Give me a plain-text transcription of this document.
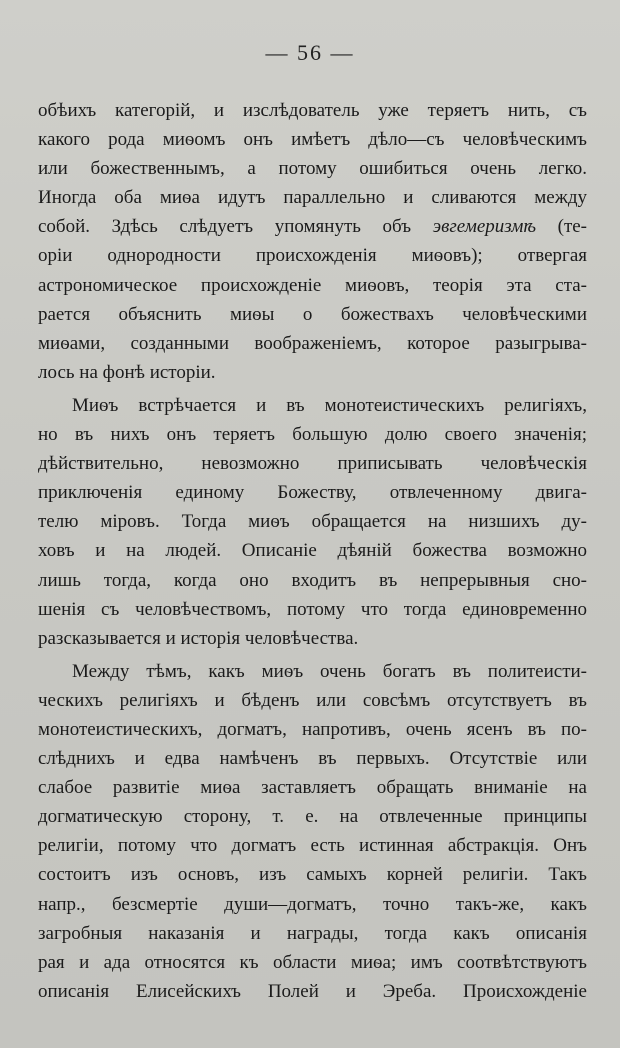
— 56 —
обѣихъ категорій, и изслѣдователь уже теряетъ нить, съ
какого рода миѳомъ онъ имѣетъ дѣло—съ человѣческимъ
или божественнымъ, а потому ошибиться очень легко.
Иногда оба миѳа идутъ параллельно и сливаются между
собой. Здѣсь слѣдуетъ упомянуть объ эвгемеризмѣ (те-
оріи однородности происхожденія миѳовъ); отвергая
астрономическое происхожденіе миѳовъ, теорія эта ста-
рается объяснить миѳы о божествахъ человѣческими
миѳами, созданными воображеніемъ, которое разыгрыва-
лось на фонѣ исторіи.
Миѳъ встрѣчается и въ монотеистическихъ религіяхъ,
но въ нихъ онъ теряетъ большую долю своего значенія;
дѣйствительно, невозможно приписывать человѣческія
приключенія единому Божеству, отвлеченному двига-
телю міровъ. Тогда миѳъ обращается на низшихъ ду-
ховъ и на людей. Описаніе дѣяній божества возможно
лишь тогда, когда оно входитъ въ непрерывныя сно-
шенія съ человѣчествомъ, потому что тогда единовременно
разсказывается и исторія человѣчества.
Между тѣмъ, какъ миѳъ очень богатъ въ политеисти-
ческихъ религіяхъ и бѣденъ или совсѣмъ отсутствуетъ въ
монотеистическихъ, догматъ, напротивъ, очень ясенъ въ по-
слѣднихъ и едва намѣченъ въ первыхъ. Отсутствіе или
слабое развитіе миѳа заставляетъ обращать вниманіе на
догматическую сторону, т. е. на отвлеченные принципы
религіи, потому что догматъ есть истинная абстракція. Онъ
состоитъ изъ основъ, изъ самыхъ корней религіи. Такъ
напр., безсмертіе души—догматъ, точно такъ-же, какъ
загробныя наказанія и награды, тогда какъ описанія
рая и ада относятся къ области миѳа; имъ соотвѣтствуютъ
описанія Елисейскихъ Полей и Эреба. Происхожденіе
